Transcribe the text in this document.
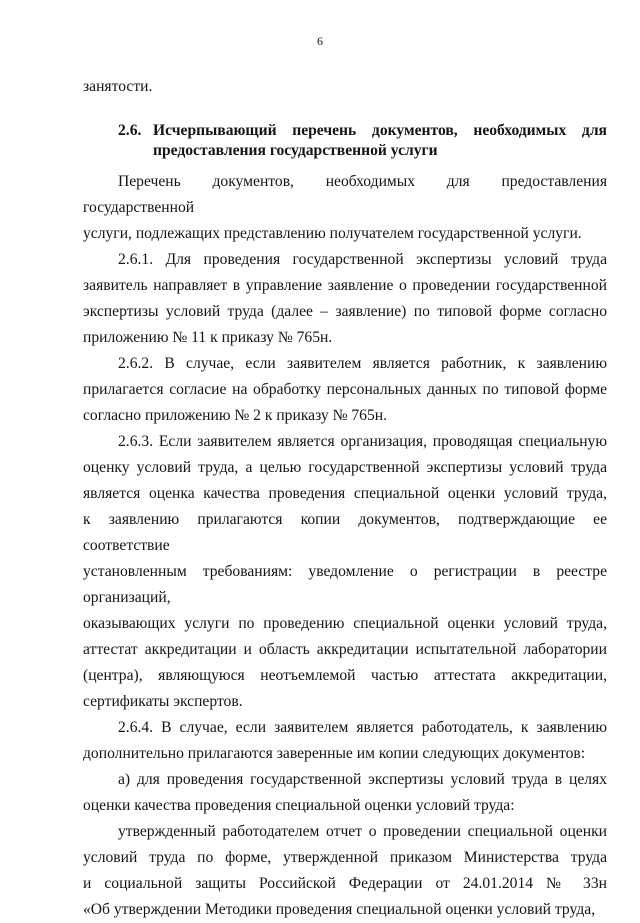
6
занятости.
2.6. Исчерпывающий перечень документов, необходимых для
предоставления государственной услуги
Перечень документов, необходимых для предоставления государственной
услуги, подлежащих представлению получателем государственной услуги.
2.6.1. Для проведения государственной экспертизы условий труда
заявитель направляет в управление заявление о проведении государственной
экспертизы условий труда (далее – заявление) по типовой форме согласно
приложению № 11 к приказу № 765н.
2.6.2. В случае, если заявителем является работник, к заявлению
прилагается согласие на обработку персональных данных по типовой форме
согласно приложению № 2 к приказу № 765н.
2.6.3. Если заявителем является организация, проводящая специальную
оценку условий труда, а целью государственной экспертизы условий труда
является оценка качества проведения специальной оценки условий труда,
к заявлению прилагаются копии документов, подтверждающие ее соответствие
установленным требованиям: уведомление о регистрации в реестре организаций,
оказывающих услуги по проведению специальной оценки условий труда,
аттестат аккредитации и область аккредитации испытательной лаборатории
(центра), являющуюся неотъемлемой частью аттестата аккредитации,
сертификаты экспертов.
2.6.4. В случае, если заявителем является работодатель, к заявлению
дополнительно прилагаются заверенные им копии следующих документов:
а) для проведения государственной экспертизы условий труда в целях
оценки качества проведения специальной оценки условий труда:
утвержденный работодателем отчет о проведении специальной оценки
условий труда по форме, утвержденной приказом Министерства труда
и социальной защиты Российской Федерации от 24.01.2014 № 33н
«Об утверждении Методики проведения специальной оценки условий труда,
